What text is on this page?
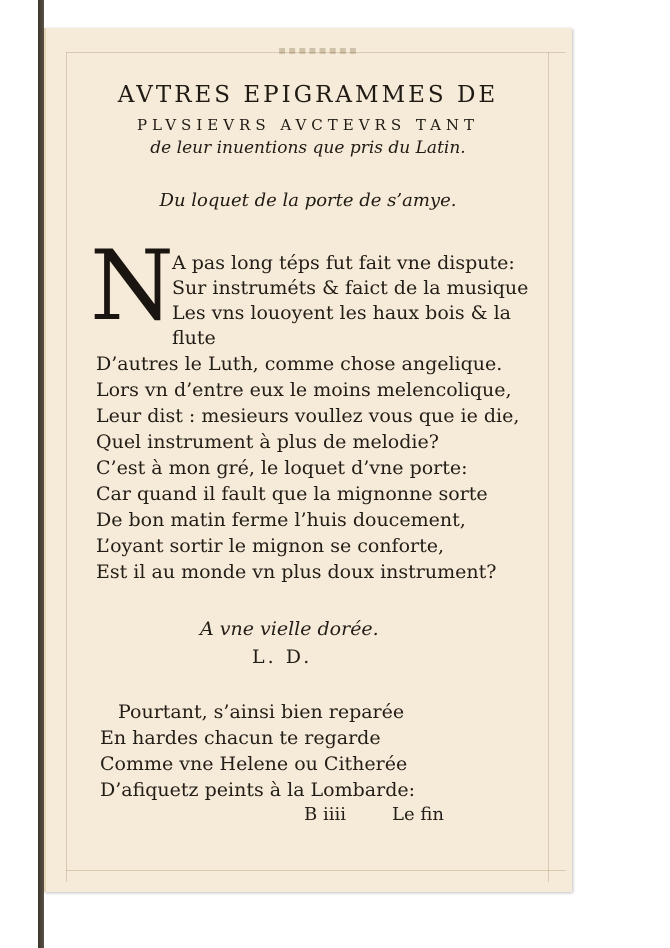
▪▪▪▪▪▪▪▪
AVTRES EPIGRAMMES DE
PLVSIEVRS AVCTEVRS TANT
de leur inuentions que pris du Latin.
Du loquet de la porte de s’amye.
N
A pas long téps fut fait vne dispute:
Sur instruméts & faict de la musique
Les vns louoyent les haux bois & la
flute
D’autres le Luth, comme chose angelique.
Lors vn d’entre eux le moins melencolique,
Leur dist : mesieurs voullez vous que ie die,
Quel instrument à plus de melodie?
C’est à mon gré, le loquet d’vne porte:
Car quand il fault que la mignonne sorte
De bon matin ferme l’huis doucement,
L’oyant sortir le mignon se conforte,
Est il au monde vn plus doux instrument?
A vne vielle dorée.
L. D.
Pourtant, s’ainsi bien reparée
En hardes chacun te regarde
Comme vne Helene ou Citherée
D’afiquetz peints à la Lombarde:
B iiii	Le fin
